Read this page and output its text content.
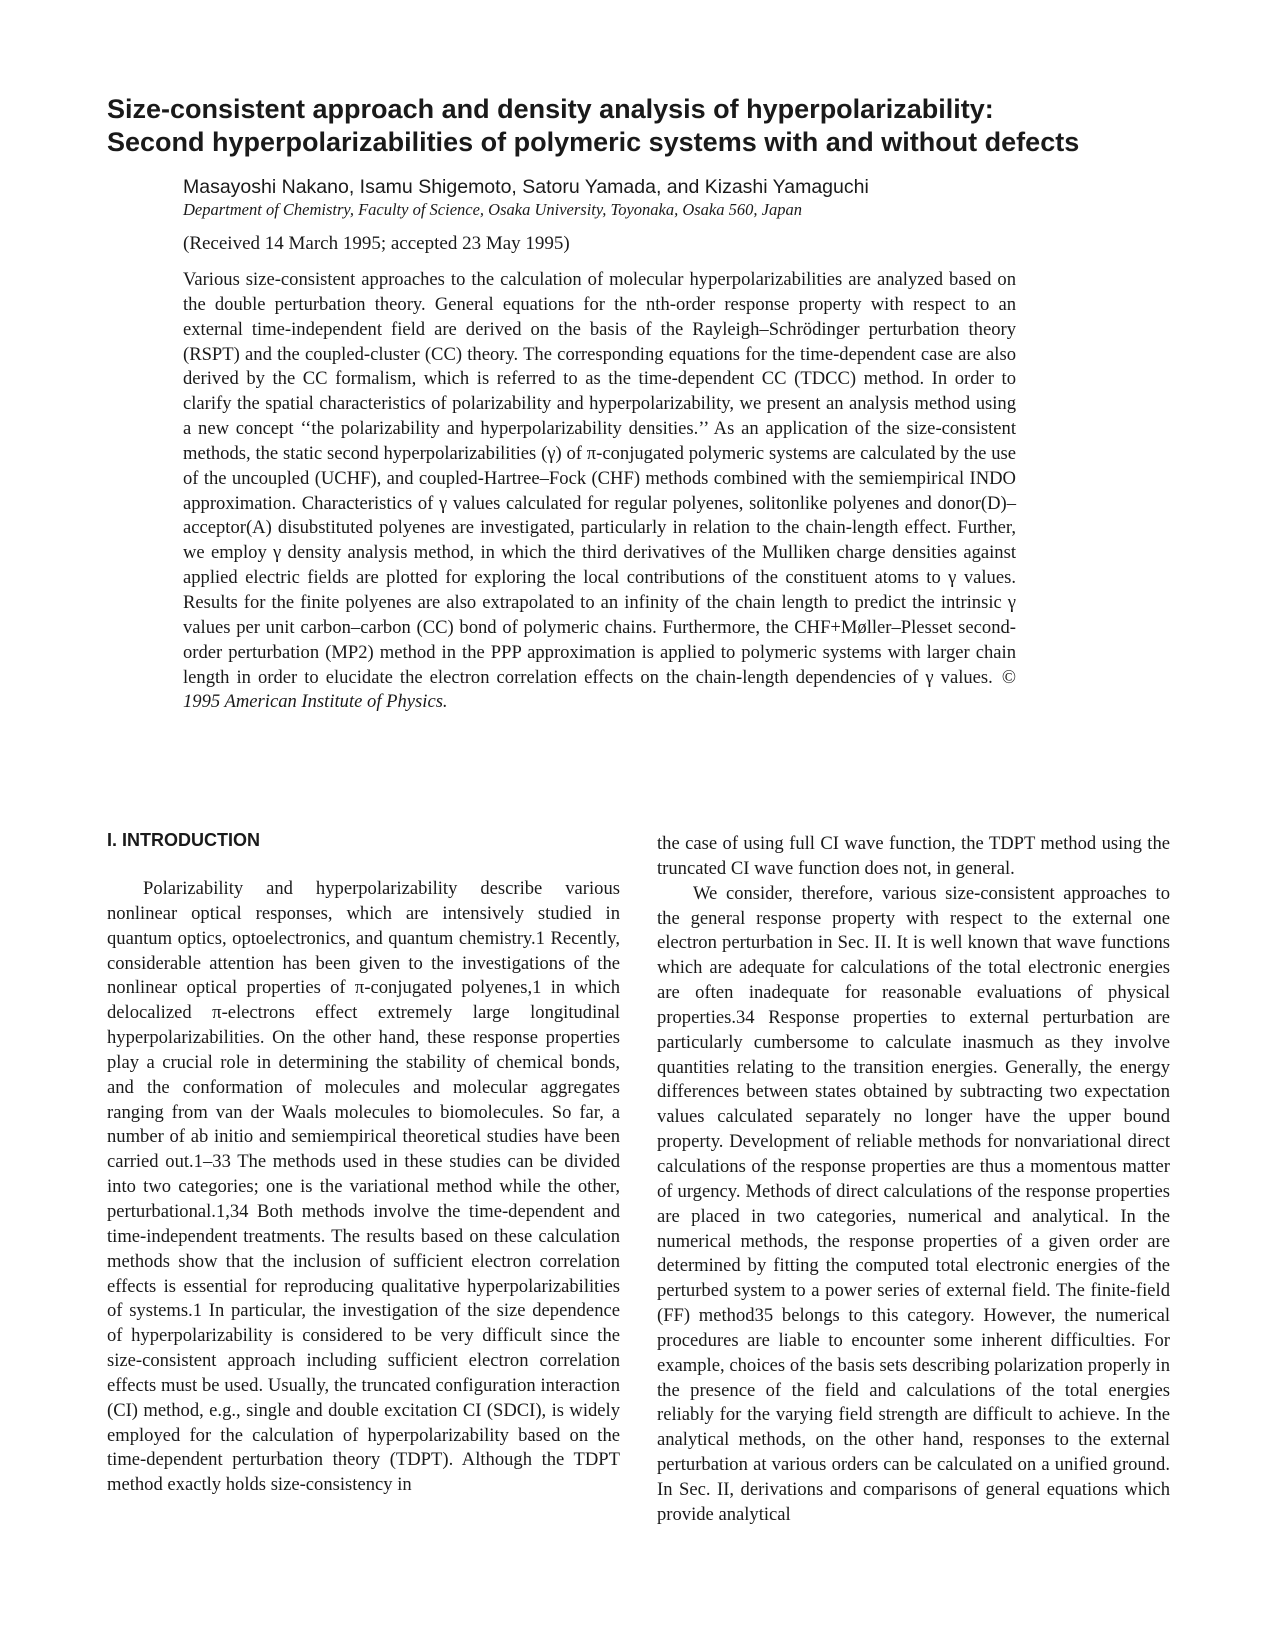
Size-consistent approach and density analysis of hyperpolarizability:
Second hyperpolarizabilities of polymeric systems with and without defects
Masayoshi Nakano, Isamu Shigemoto, Satoru Yamada, and Kizashi Yamaguchi
Department of Chemistry, Faculty of Science, Osaka University, Toyonaka, Osaka 560, Japan
(Received 14 March 1995; accepted 23 May 1995)

Various size-consistent approaches to the calculation of molecular hyperpolarizabilities are analyzed based on the double perturbation theory. General equations for the nth-order response property with respect to an external time-independent field are derived on the basis of the Rayleigh–Schrödinger perturbation theory (RSPT) and the coupled-cluster (CC) theory. The corresponding equations for the time-dependent case are also derived by the CC formalism, which is referred to as the time-dependent CC (TDCC) method. In order to clarify the spatial characteristics of polarizability and hyperpolarizability, we present an analysis method using a new concept ‘‘the polarizability and hyperpolarizability densities.’’ As an application of the size-consistent methods, the static second hyperpolarizabilities (γ) of π-conjugated polymeric systems are calculated by the use of the uncoupled (UCHF), and coupled-Hartree–Fock (CHF) methods combined with the semiempirical INDO approximation. Characteristics of γ values calculated for regular polyenes, solitonlike polyenes and donor(D)–acceptor(A) disubstituted polyenes are investigated, particularly in relation to the chain-length effect. Further, we employ γ density analysis method, in which the third derivatives of the Mulliken charge densities against applied electric fields are plotted for exploring the local contributions of the constituent atoms to γ values. Results for the finite polyenes are also extrapolated to an infinity of the chain length to predict the intrinsic γ values per unit carbon–carbon (CC) bond of polymeric chains. Furthermore, the CHF+Møller–Plesset second-order perturbation (MP2) method in the PPP approximation is applied to polymeric systems with larger chain length in order to elucidate the electron correlation effects on the chain-length dependencies of γ values. © 1995 American Institute of Physics.

I. INTRODUCTION

Polarizability and hyperpolarizability describe various nonlinear optical responses, which are intensively studied in quantum optics, optoelectronics, and quantum chemistry.1 Recently, considerable attention has been given to the investigations of the nonlinear optical properties of π-conjugated polyenes,1 in which delocalized π-electrons effect extremely large longitudinal hyperpolarizabilities. On the other hand, these response properties play a crucial role in determining the stability of chemical bonds, and the conformation of molecules and molecular aggregates ranging from van der Waals molecules to biomolecules. So far, a number of ab initio and semiempirical theoretical studies have been carried out.1–33 The methods used in these studies can be divided into two categories; one is the variational method while the other, perturbational.1,34 Both methods involve the time-dependent and time-independent treatments. The results based on these calculation methods show that the inclusion of sufficient electron correlation effects is essential for reproducing qualitative hyperpolarizabilities of systems.1 In particular, the investigation of the size dependence of hyperpolarizability is considered to be very difficult since the size-consistent approach including sufficient electron correlation effects must be used. Usually, the truncated configuration interaction (CI) method, e.g., single and double excitation CI (SDCI), is widely employed for the calculation of hyperpolarizability based on the time-dependent perturbation theory (TDPT). Although the TDPT method exactly holds size-consistency in

the case of using full CI wave function, the TDPT method using the truncated CI wave function does not, in general.

We consider, therefore, various size-consistent approaches to the general response property with respect to the external one electron perturbation in Sec. II. It is well known that wave functions which are adequate for calculations of the total electronic energies are often inadequate for reasonable evaluations of physical properties.34 Response properties to external perturbation are particularly cumbersome to calculate inasmuch as they involve quantities relating to the transition energies. Generally, the energy differences between states obtained by subtracting two expectation values calculated separately no longer have the upper bound property. Development of reliable methods for nonvariational direct calculations of the response properties are thus a momentous matter of urgency. Methods of direct calculations of the response properties are placed in two categories, numerical and analytical. In the numerical methods, the response properties of a given order are determined by fitting the computed total electronic energies of the perturbed system to a power series of external field. The finite-field (FF) method35 belongs to this category. However, the numerical procedures are liable to encounter some inherent difficulties. For example, choices of the basis sets describing polarization properly in the presence of the field and calculations of the total energies reliably for the varying field strength are difficult to achieve. In the analytical methods, on the other hand, responses to the external perturbation at various orders can be calculated on a unified ground. In Sec. II, derivations and comparisons of general equations which provide analytical
